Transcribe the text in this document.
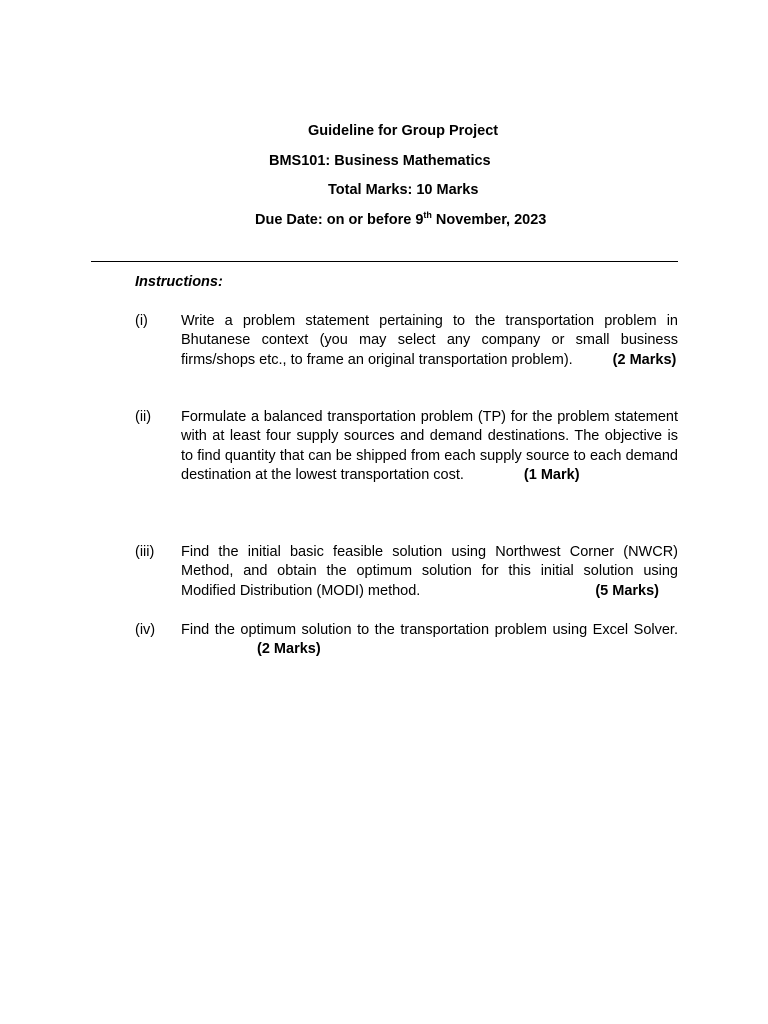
Guideline for Group Project
BMS101: Business Mathematics
Total Marks: 10 Marks
Due Date: on or before 9th November, 2023
Instructions:
(i) Write a problem statement pertaining to the transportation problem in Bhutanese context (you may select any company or small business firms/shops etc., to frame an original transportation problem).	(2 Marks)
(ii) Formulate a balanced transportation problem (TP) for the problem statement with at least four supply sources and demand destinations. The objective is to find quantity that can be shipped from each supply source to each demand destination at the lowest transportation cost.	(1 Mark)
(iii) Find the initial basic feasible solution using Northwest Corner (NWCR) Method, and obtain the optimum solution for this initial solution using Modified Distribution (MODI) method.	(5 Marks)
(iv) Find the optimum solution to the transportation problem using Excel Solver.(2 Marks)
